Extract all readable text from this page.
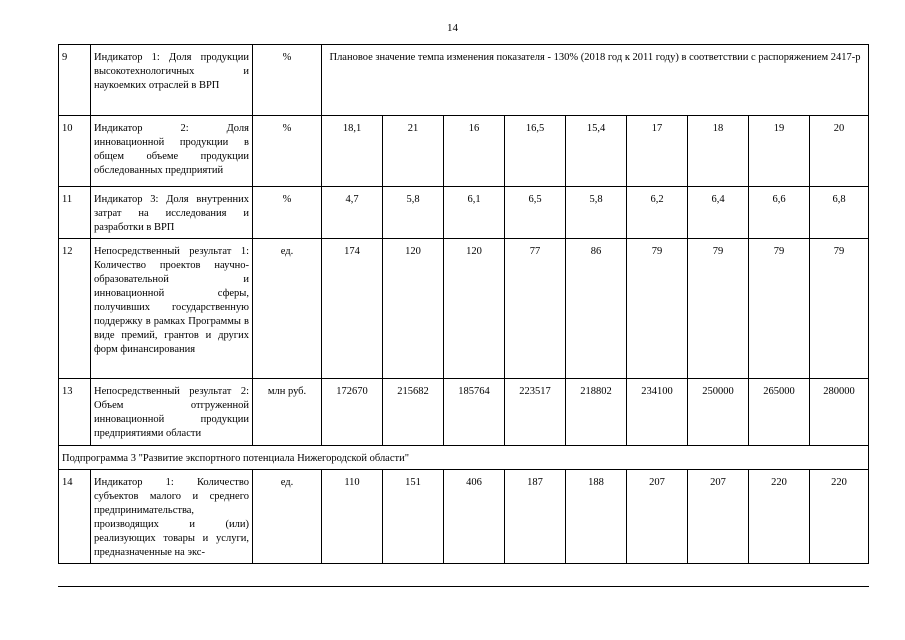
14
9	Индикатор 1: Доля продукции высокотехнологичных и наукоемких отраслей в ВРП	%	Плановое значение темпа изменения показателя - 130% (2018 год к 2011 году) в соответствии с распоряжением 2417-р								
10	Индикатор 2: Доля инновационной продукции в общем объеме продукции обследованных предприятий	%	18,1	21	16	16,5	15,4	17	18	19	20
11	Индикатор 3: Доля внутренних затрат на исследования и разработки в ВРП	%	4,7	5,8	6,1	6,5	5,8	6,2	6,4	6,6	6,8
12	Непосредственный результат 1: Количество проектов научно-образовательной и инновационной сферы, получивших государственную поддержку в рамках Программы в виде премий, грантов и других форм финансирования	ед.	174	120	120	77	86	79	79	79	79
13	Непосредственный результат 2: Объем отгруженной инновационной продукции предприятиями области	млн руб.	172670	215682	185764	223517	218802	234100	250000	265000	280000
Подпрограмма 3 "Развитие экспортного потенциала Нижегородской области"											
14	Индикатор 1: Количество субъектов малого и среднего предпринимательства, производящих и (или) реализующих товары и услуги, предназначенные на экс-	ед.	110	151	406	187	188	207	207	220	220
